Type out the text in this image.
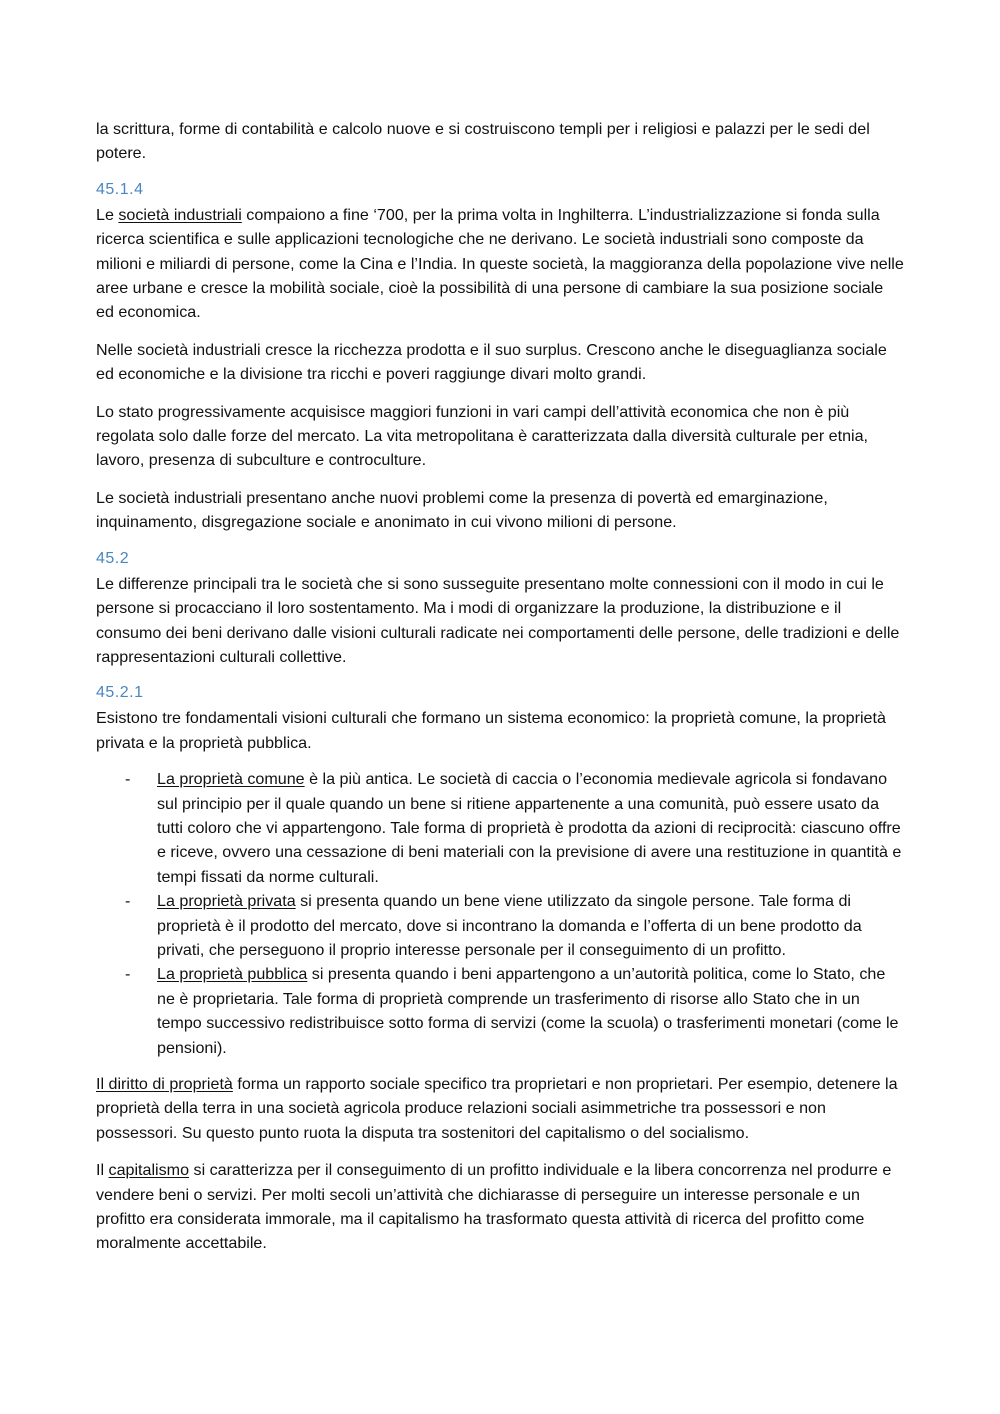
la scrittura, forme di contabilità e calcolo nuove e si costruiscono templi per i religiosi e palazzi per le sedi del potere.

45.1.4

Le società industriali compaiono a fine ‘700, per la prima volta in Inghilterra. L’industrializzazione si fonda sulla ricerca scientifica e sulle applicazioni tecnologiche che ne derivano. Le società industriali sono composte da milioni e miliardi di persone, come la Cina e l’India. In queste società, la maggioranza della popolazione vive nelle aree urbane e cresce la mobilità sociale, cioè la possibilità di una persone di cambiare la sua posizione sociale ed economica.

Nelle società industriali cresce la ricchezza prodotta e il suo surplus. Crescono anche le diseguaglianza sociale ed economiche e la divisione tra ricchi e poveri raggiunge divari molto grandi.

Lo stato progressivamente acquisisce maggiori funzioni in vari campi dell’attività economica che non è più regolata solo dalle forze del mercato. La vita metropolitana è caratterizzata dalla diversità culturale per etnia, lavoro, presenza di subculture e controculture.

Le società industriali presentano anche nuovi problemi come la presenza di povertà ed emarginazione, inquinamento, disgregazione sociale e anonimato in cui vivono milioni di persone.

45.2

Le differenze principali tra le società che si sono susseguite presentano molte connessioni con il modo in cui le persone si procacciano il loro sostentamento. Ma i modi di organizzare la produzione, la distribuzione e il consumo dei beni derivano dalle visioni culturali radicate nei comportamenti delle persone, delle tradizioni e delle rappresentazioni culturali collettive.

45.2.1

Esistono tre fondamentali visioni culturali che formano un sistema economico: la proprietà comune, la proprietà privata e la proprietà pubblica.

- La proprietà comune è la più antica. Le società di caccia o l’economia medievale agricola si fondavano sul principio per il quale quando un bene si ritiene appartenente a una comunità, può essere usato da tutti coloro che vi appartengono. Tale forma di proprietà è prodotta da azioni di reciprocità: ciascuno offre e riceve, ovvero una cessazione di beni materiali con la previsione di avere una restituzione in quantità e tempi fissati da norme culturali.
- La proprietà privata si presenta quando un bene viene utilizzato da singole persone. Tale forma di proprietà è il prodotto del mercato, dove si incontrano la domanda e l’offerta di un bene prodotto da privati, che perseguono il proprio interesse personale per il conseguimento di un profitto.
- La proprietà pubblica si presenta quando i beni appartengono a un’autorità politica, come lo Stato, che ne è proprietaria. Tale forma di proprietà comprende un trasferimento di risorse allo Stato che in un tempo successivo redistribuisce sotto forma di servizi (come la scuola) o trasferimenti monetari (come le pensioni).

Il diritto di proprietà forma un rapporto sociale specifico tra proprietari e non proprietari. Per esempio, detenere la proprietà della terra in una società agricola produce relazioni sociali asimmetriche tra possessori e non possessori. Su questo punto ruota la disputa tra sostenitori del capitalismo o del socialismo.

Il capitalismo si caratterizza per il conseguimento di un profitto individuale e la libera concorrenza nel produrre e vendere beni o servizi. Per molti secoli un’attività che dichiarasse di perseguire un interesse personale e un profitto era considerata immorale, ma il capitalismo ha trasformato questa attività di ricerca del profitto come moralmente accettabile.
